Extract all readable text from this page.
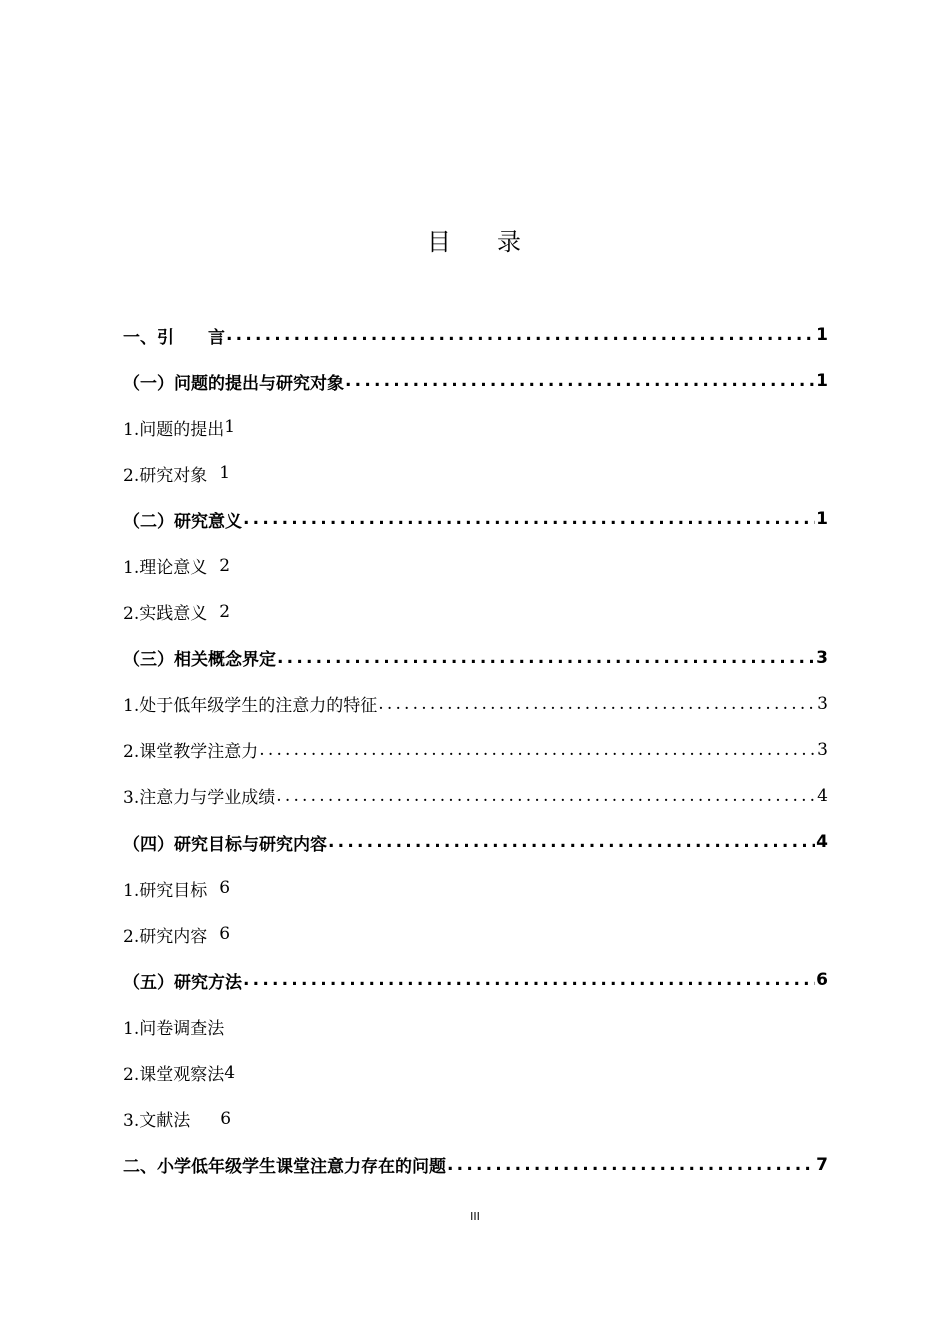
目 录
一、引　　言 .....	1
（一）问题的提出与研究对象 .....	1
1.问题的提出 1
2.研究对象 1
（二）研究意义 .....	1
1.理论意义 2
2.实践意义 2
（三）相关概念界定 .....	3
1.处于低年级学生的注意力的特征 .....	3
2.课堂教学注意力 .....	3
3.注意力与学业成绩 .....	4
（四）研究目标与研究内容 .....	4
1.研究目标 6
2.研究内容 6
（五）研究方法 .....	6
1.问卷调查法
2.课堂观察法 4
3.文献法 6
二、小学低年级学生课堂注意力存在的问题 .....	7
III
